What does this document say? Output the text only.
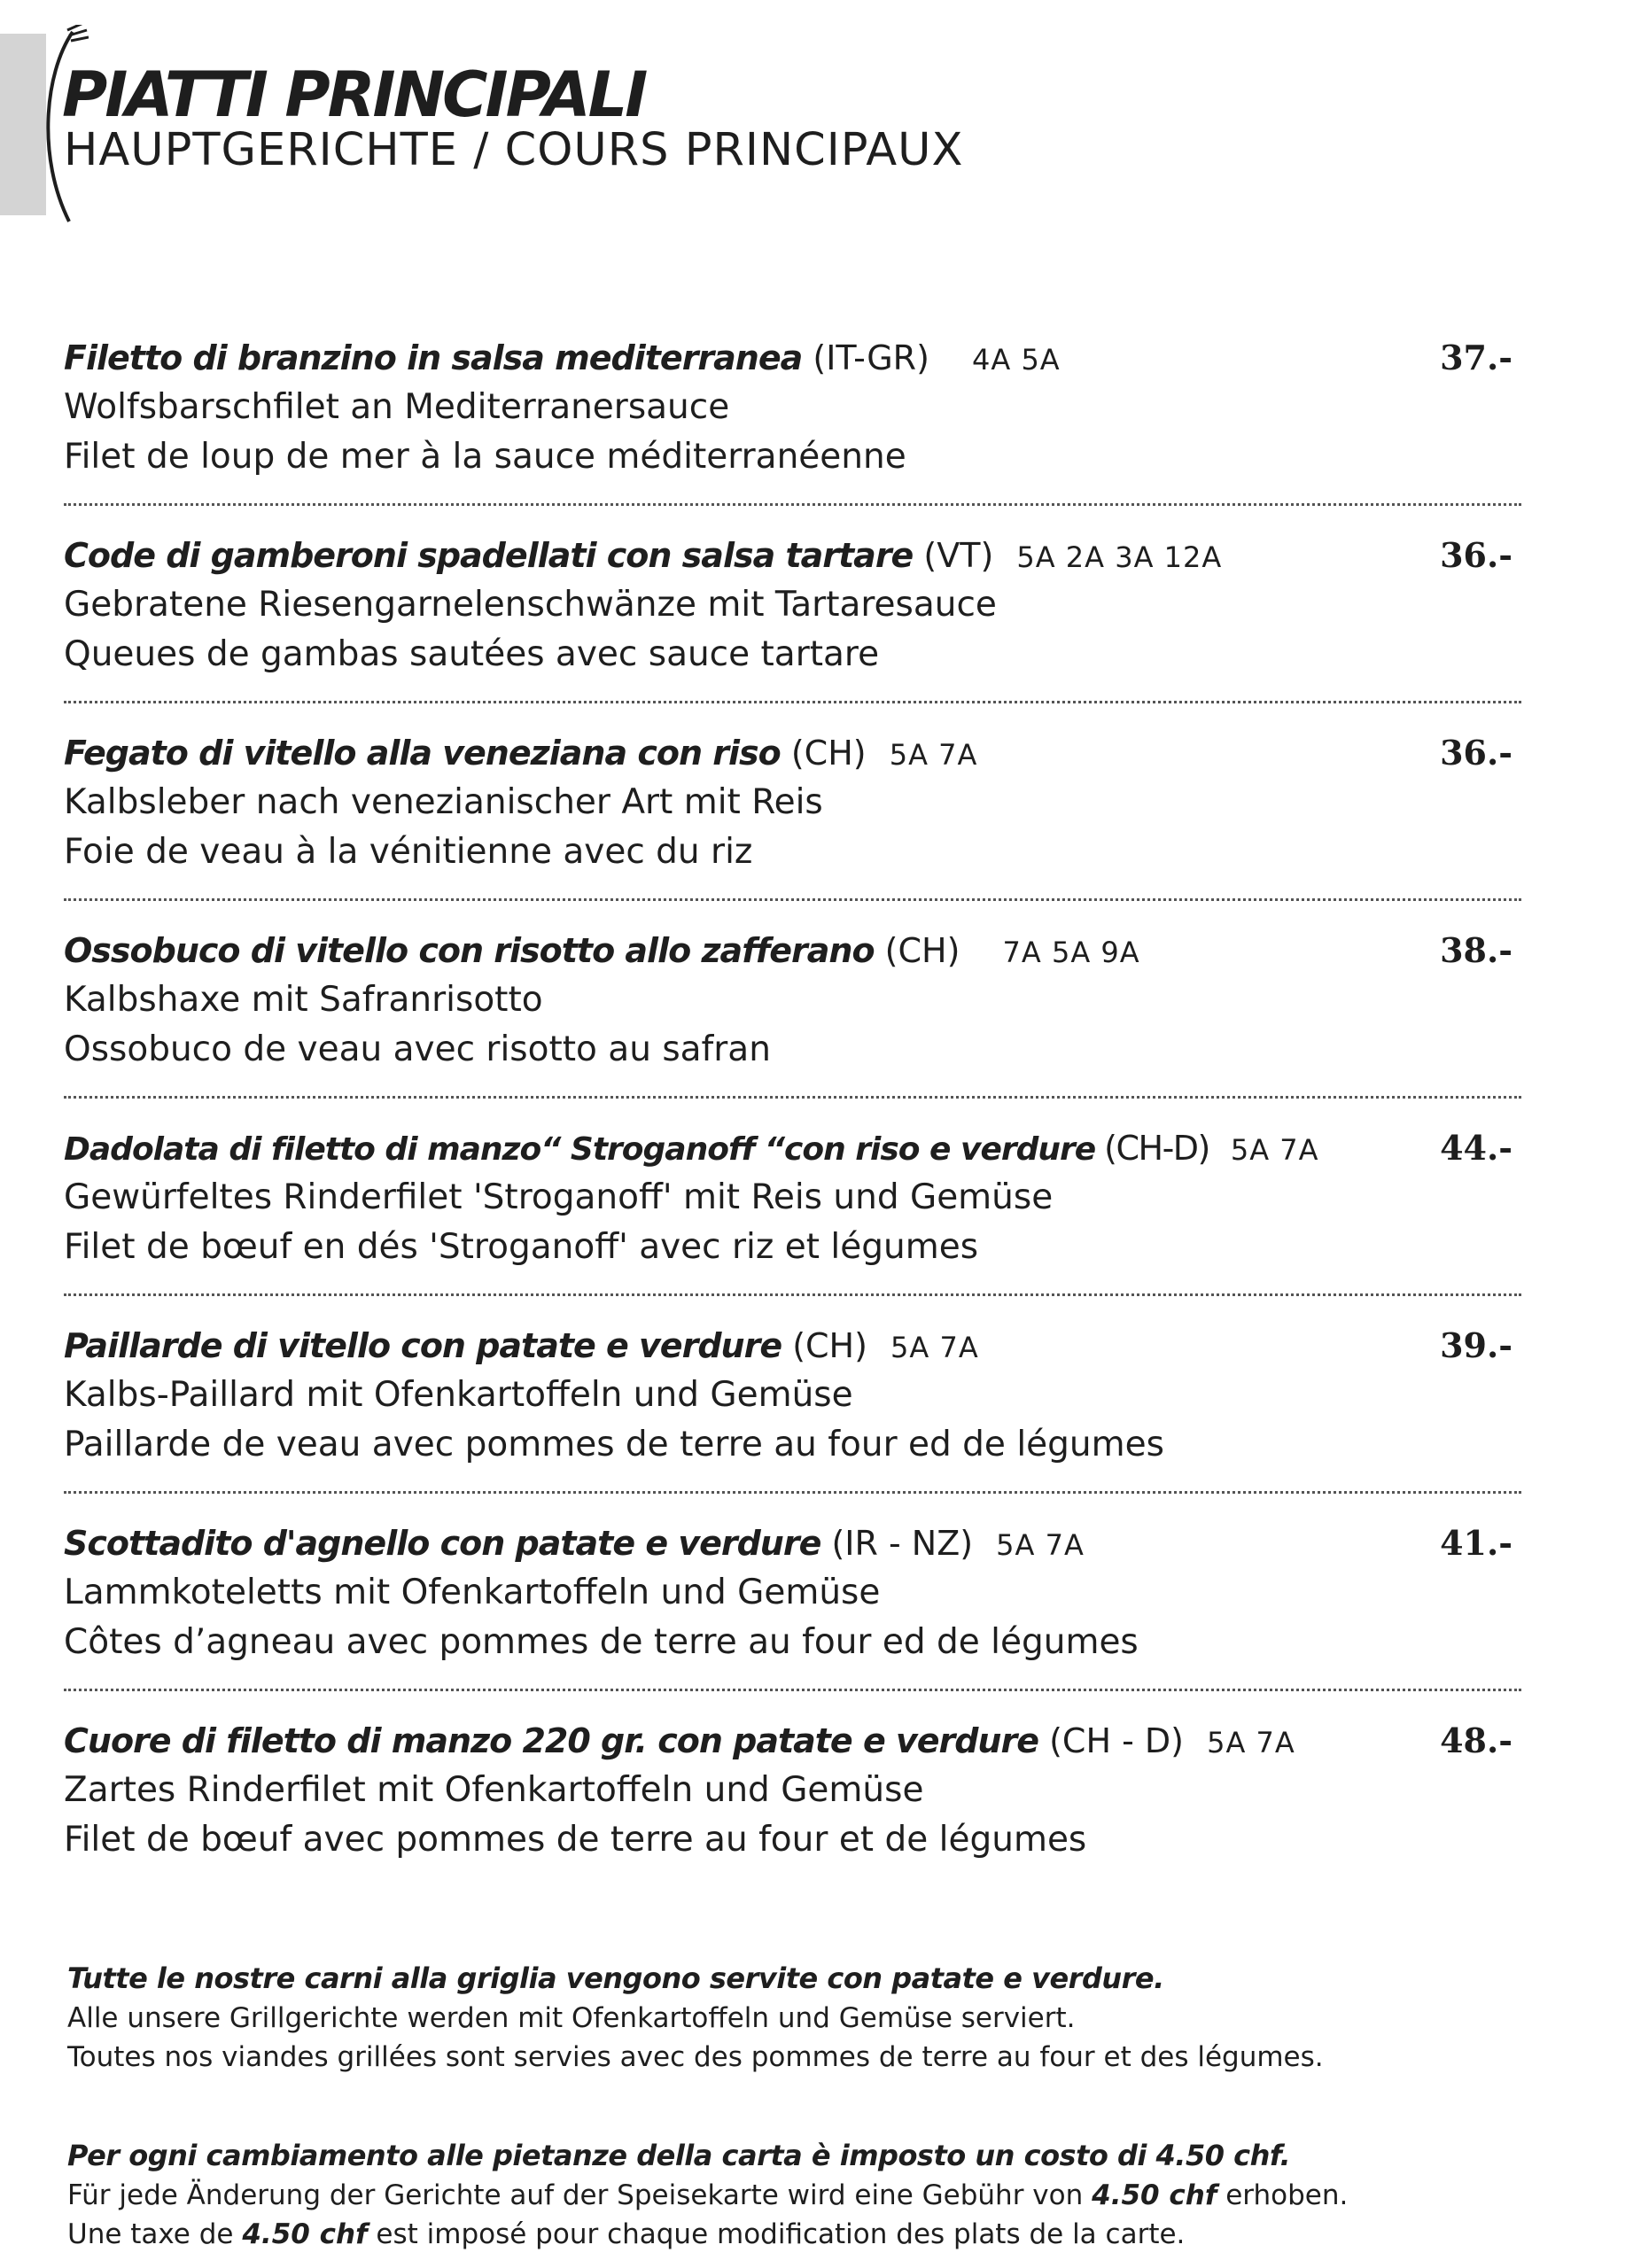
PIATTI PRINCIPALI
HAUPTGERICHTE / COURS PRINCIPAUX
Filetto di branzino in salsa mediterranea (IT-GR) 4A 5A
Wolfsbarschfilet an Mediterranersauce
Filet de loup de mer à la sauce méditerranéenne
37.-
Code di gamberoni spadellati con salsa tartare (VT) 5A 2A 3A 12A
Gebratene Riesengarnelenschwänze mit Tartaresauce
Queues de gambas sautées avec sauce tartare
36.-
Fegato di vitello alla veneziana con riso (CH) 5A 7A
Kalbsleber nach venezianischer Art mit Reis
Foie de veau à la vénitienne avec du riz
36.-
Ossobuco di vitello con risotto allo zafferano (CH) 7A 5A 9A
Kalbshaxe mit Safranrisotto
Ossobuco de veau avec risotto au safran
38.-
Dadolata di filetto di manzo“ Stroganoff “con riso e verdure (CH-D) 5A 7A
Gewürfeltes Rinderfilet 'Stroganoff' mit Reis und Gemüse
Filet de bœuf en dés 'Stroganoff' avec riz et légumes
44.-
Paillarde di vitello con patate e verdure (CH) 5A 7A
Kalbs-Paillard mit Ofenkartoffeln und Gemüse
Paillarde de veau avec pommes de terre au four ed de légumes
39.-
Scottadito d'agnello con patate e verdure (IR - NZ) 5A 7A
Lammkoteletts mit Ofenkartoffeln und Gemüse
Côtes d’agneau avec pommes de terre au four ed de légumes
41.-
Cuore di filetto di manzo 220 gr. con patate e verdure (CH - D) 5A 7A
Zartes Rinderfilet mit Ofenkartoffeln und Gemüse
Filet de bœuf avec pommes de terre au four et de légumes
48.-

Tutte le nostre carni alla griglia vengono servite con patate e verdure.

Alle unsere Grillgerichte werden mit Ofenkartoffeln und Gemüse serviert.

Toutes nos viandes grillées sont servies avec des pommes de terre au four et des légumes.

Per ogni cambiamento alle pietanze della carta è imposto un costo di 4.50 chf.

Für jede Änderung der Gerichte auf der Speisekarte wird eine Gebühr von 4.50 chf erhoben.

Une taxe de 4.50 chf est imposé pour chaque modification des plats de la carte.
